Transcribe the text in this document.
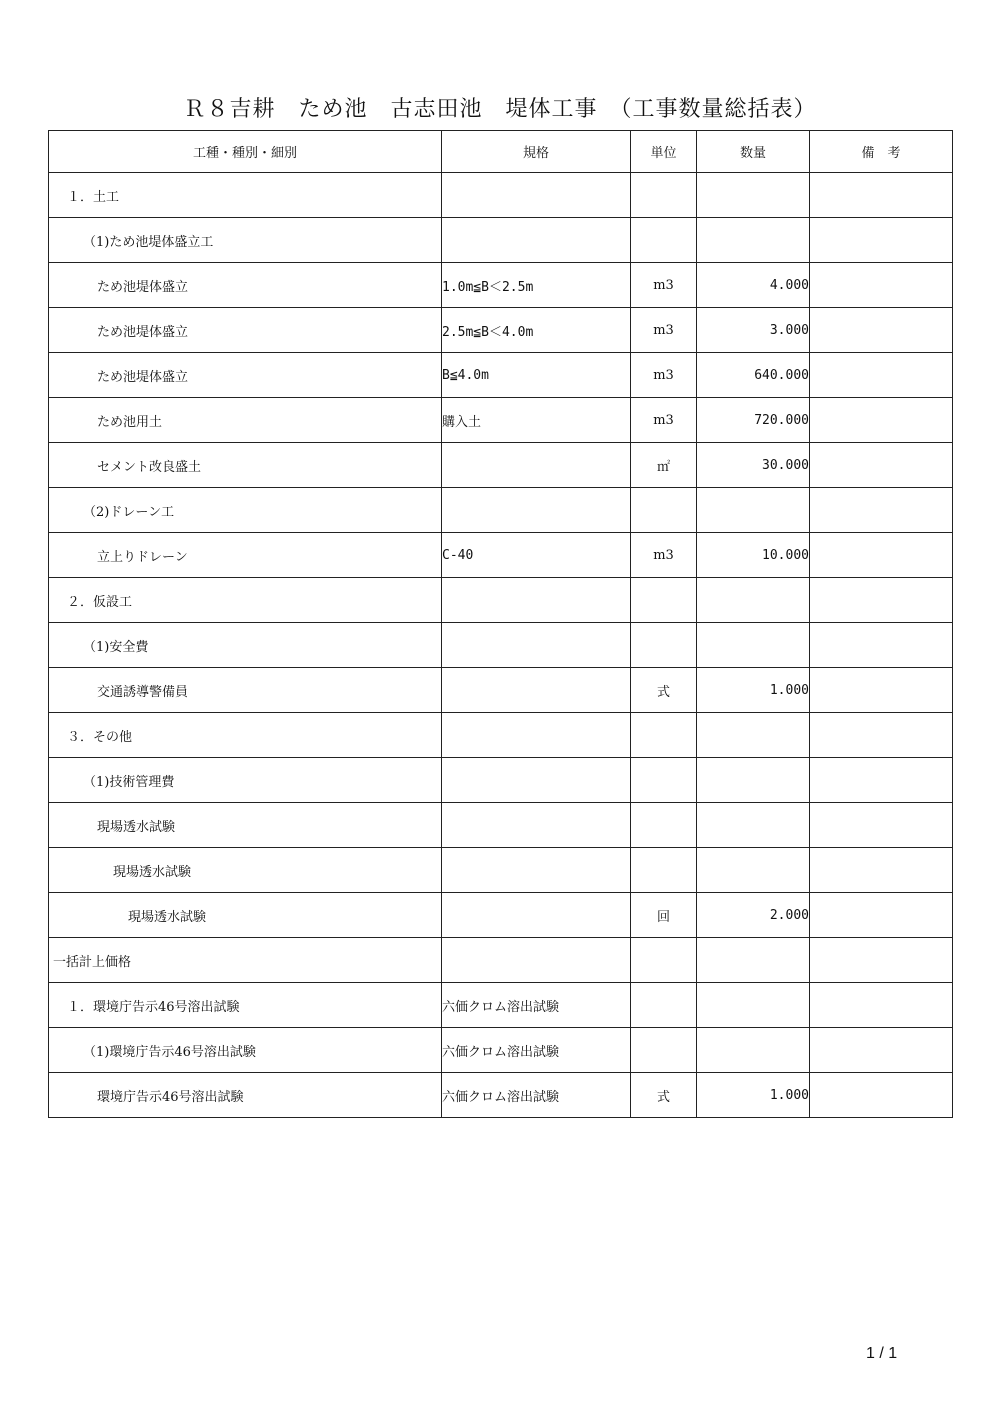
Ｒ８吉耕　ため池　古志田池　堤体工事　（工事数量総括表）
工種・種別・細別	規格	単位	数量	備　考
１．土工				
（1)ため池堤体盛立工				
ため池堤体盛立	1.0m≦B＜2.5m	m3	4.000	
ため池堤体盛立	2.5m≦B＜4.0m	m3	3.000	
ため池堤体盛立	B≦4.0m	m3	640.000	
ため池用土	購入土	m3	720.000	
セメント改良盛土		㎡	30.000	
（2)ドレーン工				
立上りドレーン	C-40	m3	10.000	
２．仮設工				
（1)安全費				
交通誘導警備員		式	1.000	
３．その他				
（1)技術管理費				
現場透水試験				
現場透水試験				
現場透水試験		回	2.000	
一括計上価格				
１．環境庁告示46号溶出試験	六価クロム溶出試験			
（1)環境庁告示46号溶出試験	六価クロム溶出試験			
環境庁告示46号溶出試験	六価クロム溶出試験	式	1.000	
1 / 1
